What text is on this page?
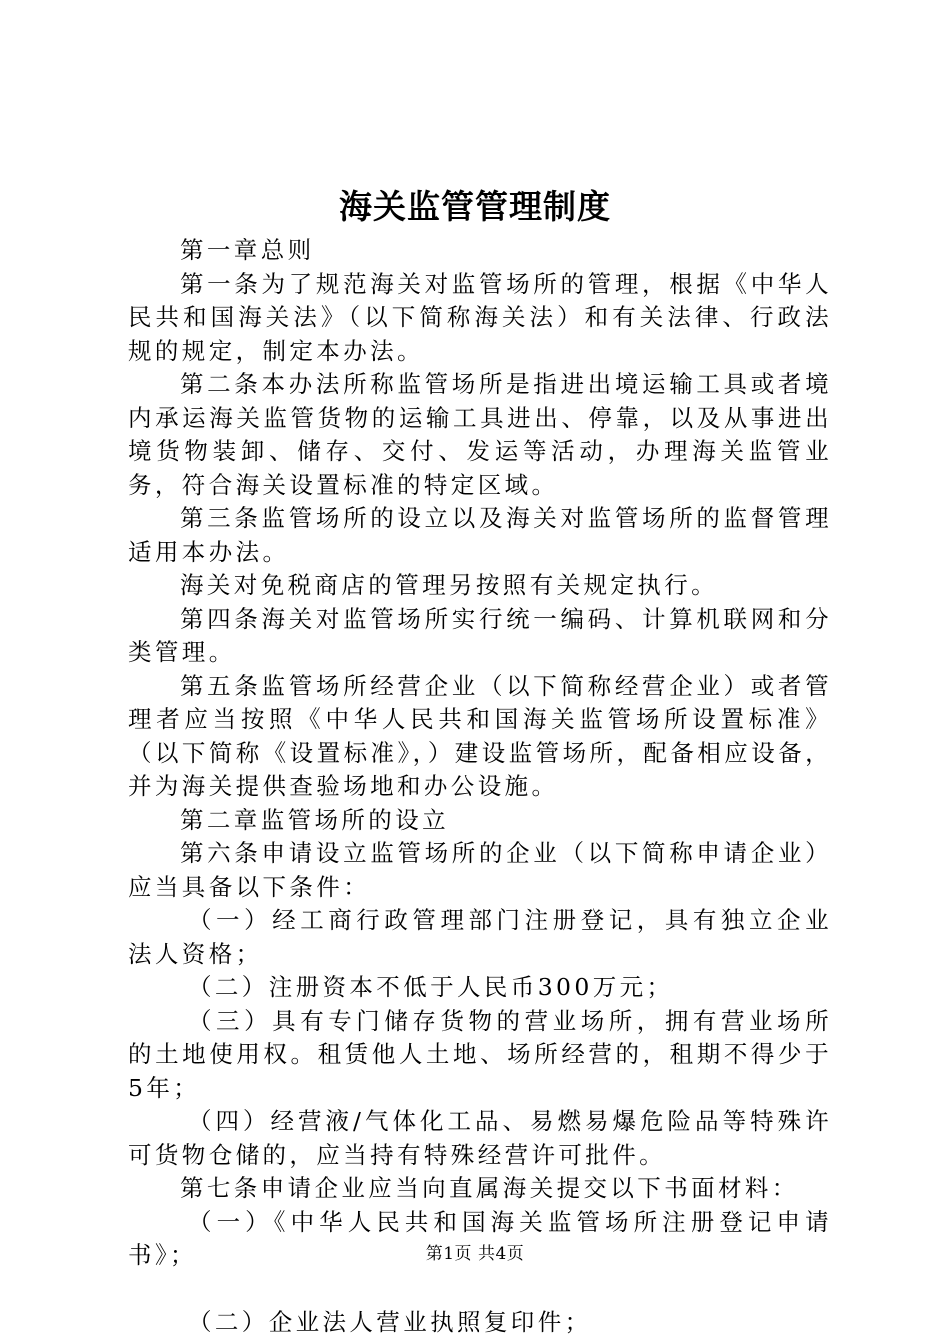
海关监管管理制度

第一章总则

第一条为了规范海关对监管场所的管理，根据《中华人民共和国海关法》（以下简称海关法）和有关法律、行政法规的规定，制定本办法。

第二条本办法所称监管场所是指进出境运输工具或者境内承运海关监管货物的运输工具进出、停靠，以及从事进出境货物装卸、储存、交付、发运等活动，办理海关监管业务，符合海关设置标准的特定区域。

第三条监管场所的设立以及海关对监管场所的监督管理适用本办法。

海关对免税商店的管理另按照有关规定执行。

第四条海关对监管场所实行统一编码、计算机联网和分类管理。

第五条监管场所经营企业（以下简称经营企业）或者管理者应当按照《中华人民共和国海关监管场所设置标准》（以下简称《设置标准》，）建设监管场所，配备相应设备，并为海关提供查验场地和办公设施。

第二章监管场所的设立

第六条申请设立监管场所的企业（以下简称申请企业）应当具备以下条件：

（一）经工商行政管理部门注册登记，具有独立企业法人资格；

（二）注册资本不低于人民币300万元；

（三）具有专门储存货物的营业场所，拥有营业场所的土地使用权。租赁他人土地、场所经营的，租期不得少于5年；

（四）经营液/气体化工品、易燃易爆危险品等特殊许可货物仓储的，应当持有特殊经营许可批件。

第七条申请企业应当向直属海关提交以下书面材料：

（一）《中华人民共和国海关监管场所注册登记申请书》；

（二）企业法人营业执照复印件；

第1页 共4页
